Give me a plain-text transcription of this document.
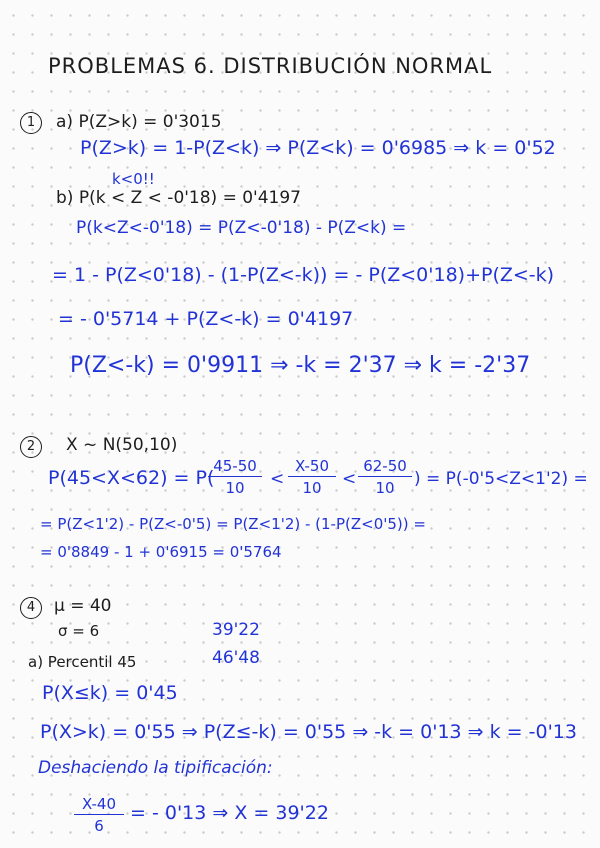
PROBLEMAS 6. DISTRIBUCIÓN NORMAL
1	a) P(Z>k) = 0'3015
P(Z>k) = 1-P(Z<k) ⇒ P(Z<k) = 0'6985 ⇒ k = 0'52
k<0!!
b) P(k < Z < -0'18) = 0'4197
P(k<Z<-0'18) = P(Z<-0'18) - P(Z<k) =
= 1 - P(Z<0'18) - (1-P(Z<-k)) = - P(Z<0'18)+P(Z<-k)
= - 0'5714 + P(Z<-k) = 0'4197
P(Z<-k) = 0'9911 ⇒ -k = 2'37 ⇒ k = -2'37
2	X ~ N(50,10)
P(45<X<62) = P(
$\frac{45-50}{10} < \frac{X-50}{10} < \frac{62-50}{10}$ ) = P(-0'5<Z<1'2) =
= P(Z<1'2) - P(Z<-0'5) = P(Z<1'2) - (1-P(Z<0'5)) =
= 0'8849 - 1 + 0'6915 = 0'5764
4	μ = 40
σ = 6	39'22
46'48
a) Percentil 45
P(X≤k) = 0'45
P(X>k) = 0'55 ⇒ P(Z≤-k) = 0'55 ⇒ -k = 0'13 ⇒ k = -0'13
Deshaciendo la tipificación:
$\frac{X-40}{6}$ = - 0'13 ⇒ X = 39'22
